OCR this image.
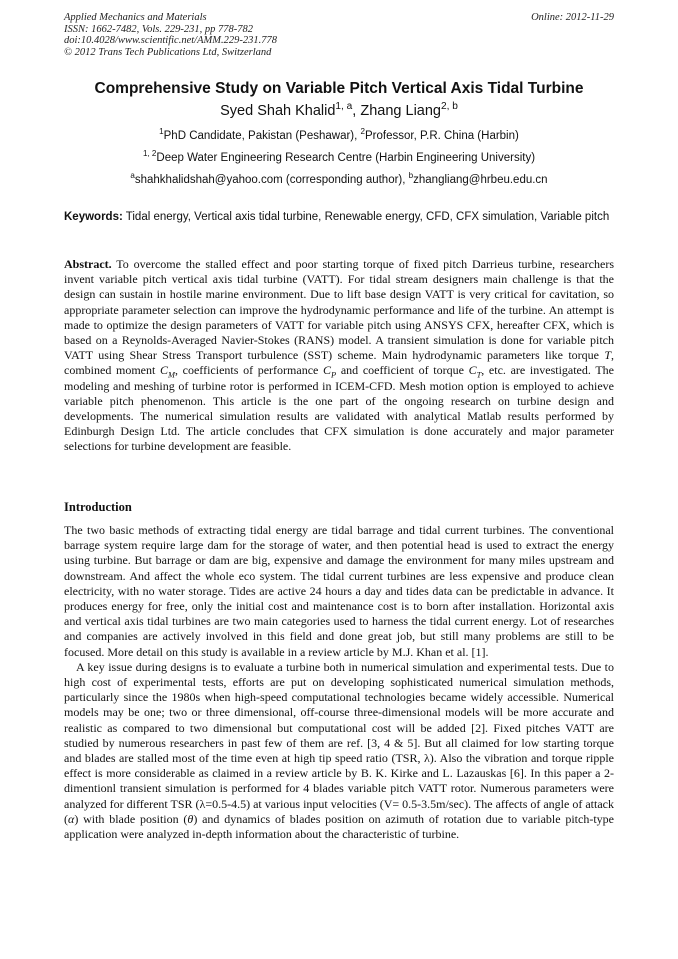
Applied Mechanics and Materials
ISSN: 1662-7482, Vols. 229-231, pp 778-782
doi:10.4028/www.scientific.net/AMM.229-231.778
© 2012 Trans Tech Publications Ltd, Switzerland
Online: 2012-11-29
Comprehensive Study on Variable Pitch Vertical Axis Tidal Turbine
Syed Shah Khalid$^{1, a}$, Zhang Liang$^{2, b}$
$^1$PhD Candidate, Pakistan (Peshawar), $^2$Professor, P.R. China (Harbin)
$^{1, 2}$Deep Water Engineering Research Centre (Harbin Engineering University)
$^a$shahkhalidshah@yahoo.com (corresponding author), $^b$zhangliang@hrbeu.edu.cn
Keywords: Tidal energy, Vertical axis tidal turbine, Renewable energy, CFD, CFX simulation, Variable pitch
Abstract. To overcome the stalled effect and poor starting torque of fixed pitch Darrieus turbine, researchers invent variable pitch vertical axis tidal turbine (VATT). For tidal stream designers main challenge is that the design can sustain in hostile marine environment. Due to lift base design VATT is very critical for cavitation, so appropriate parameter selection can improve the hydrodynamic performance and life of the turbine. An attempt is made to optimize the design parameters of VATT for variable pitch using ANSYS CFX, hereafter CFX, which is based on a Reynolds-Averaged Navier-Stokes (RANS) model. A transient simulation is done for variable pitch VATT using Shear Stress Transport turbulence (SST) scheme. Main hydrodynamic parameters like torque T, combined moment $C_M$, coefficients of performance $C_P$ and coefficient of torque $C_T$, etc. are investigated. The modeling and meshing of turbine rotor is performed in ICEM-CFD. Mesh motion option is employed to achieve variable pitch phenomenon. This article is the one part of the ongoing research on turbine design and developments. The numerical simulation results are validated with analytical Matlab results performed by Edinburgh Design Ltd. The article concludes that CFX simulation is done accurately and major parameter selections for turbine development are feasible.
Introduction

The two basic methods of extracting tidal energy are tidal barrage and tidal current turbines. The conventional barrage system require large dam for the storage of water, and then potential head is used to extract the energy using turbine. But barrage or dam are big, expensive and damage the environment for many miles upstream and downstream. And affect the whole eco system. The tidal current turbines are less expensive and produce clean electricity, with no water storage. Tides are active 24 hours a day and tides data can be predictable in advance. It produces energy for free, only the initial cost and maintenance cost is to born after installation. Horizontal axis and vertical axis tidal turbines are two main categories used to harness the tidal current energy. Lot of researches and companies are actively involved in this field and done great job, but still many problems are still to be focused. More detail on this study is available in a review article by M.J. Khan et al. [1].

A key issue during designs is to evaluate a turbine both in numerical simulation and experimental tests. Due to high cost of experimental tests, efforts are put on developing sophisticated numerical simulation methods, particularly since the 1980s when high-speed computational technologies became widely accessible. Numerical models may be one; two or three dimensional, off-course three-dimensional models will be more accurate and realistic as compared to two dimensional but computational cost will be added [2]. Fixed pitches VATT are studied by numerous researchers in past few of them are ref. [3, 4 & 5]. But all claimed for low starting torque and blades are stalled most of the time even at high tip speed ratio (TSR, λ). Also the vibration and torque ripple effect is more considerable as claimed in a review article by B. K. Kirke and L. Lazauskas [6]. In this paper a 2-dimentionl transient simulation is performed for 4 blades variable pitch VATT rotor. Numerous parameters were analyzed for different TSR (λ=0.5-4.5) at various input velocities (V= 0.5-3.5m/sec). The affects of angle of attack (α) with blade position (θ) and dynamics of blades position on azimuth of rotation due to variable pitch-type application were analyzed in-depth information about the characteristic of turbine.
